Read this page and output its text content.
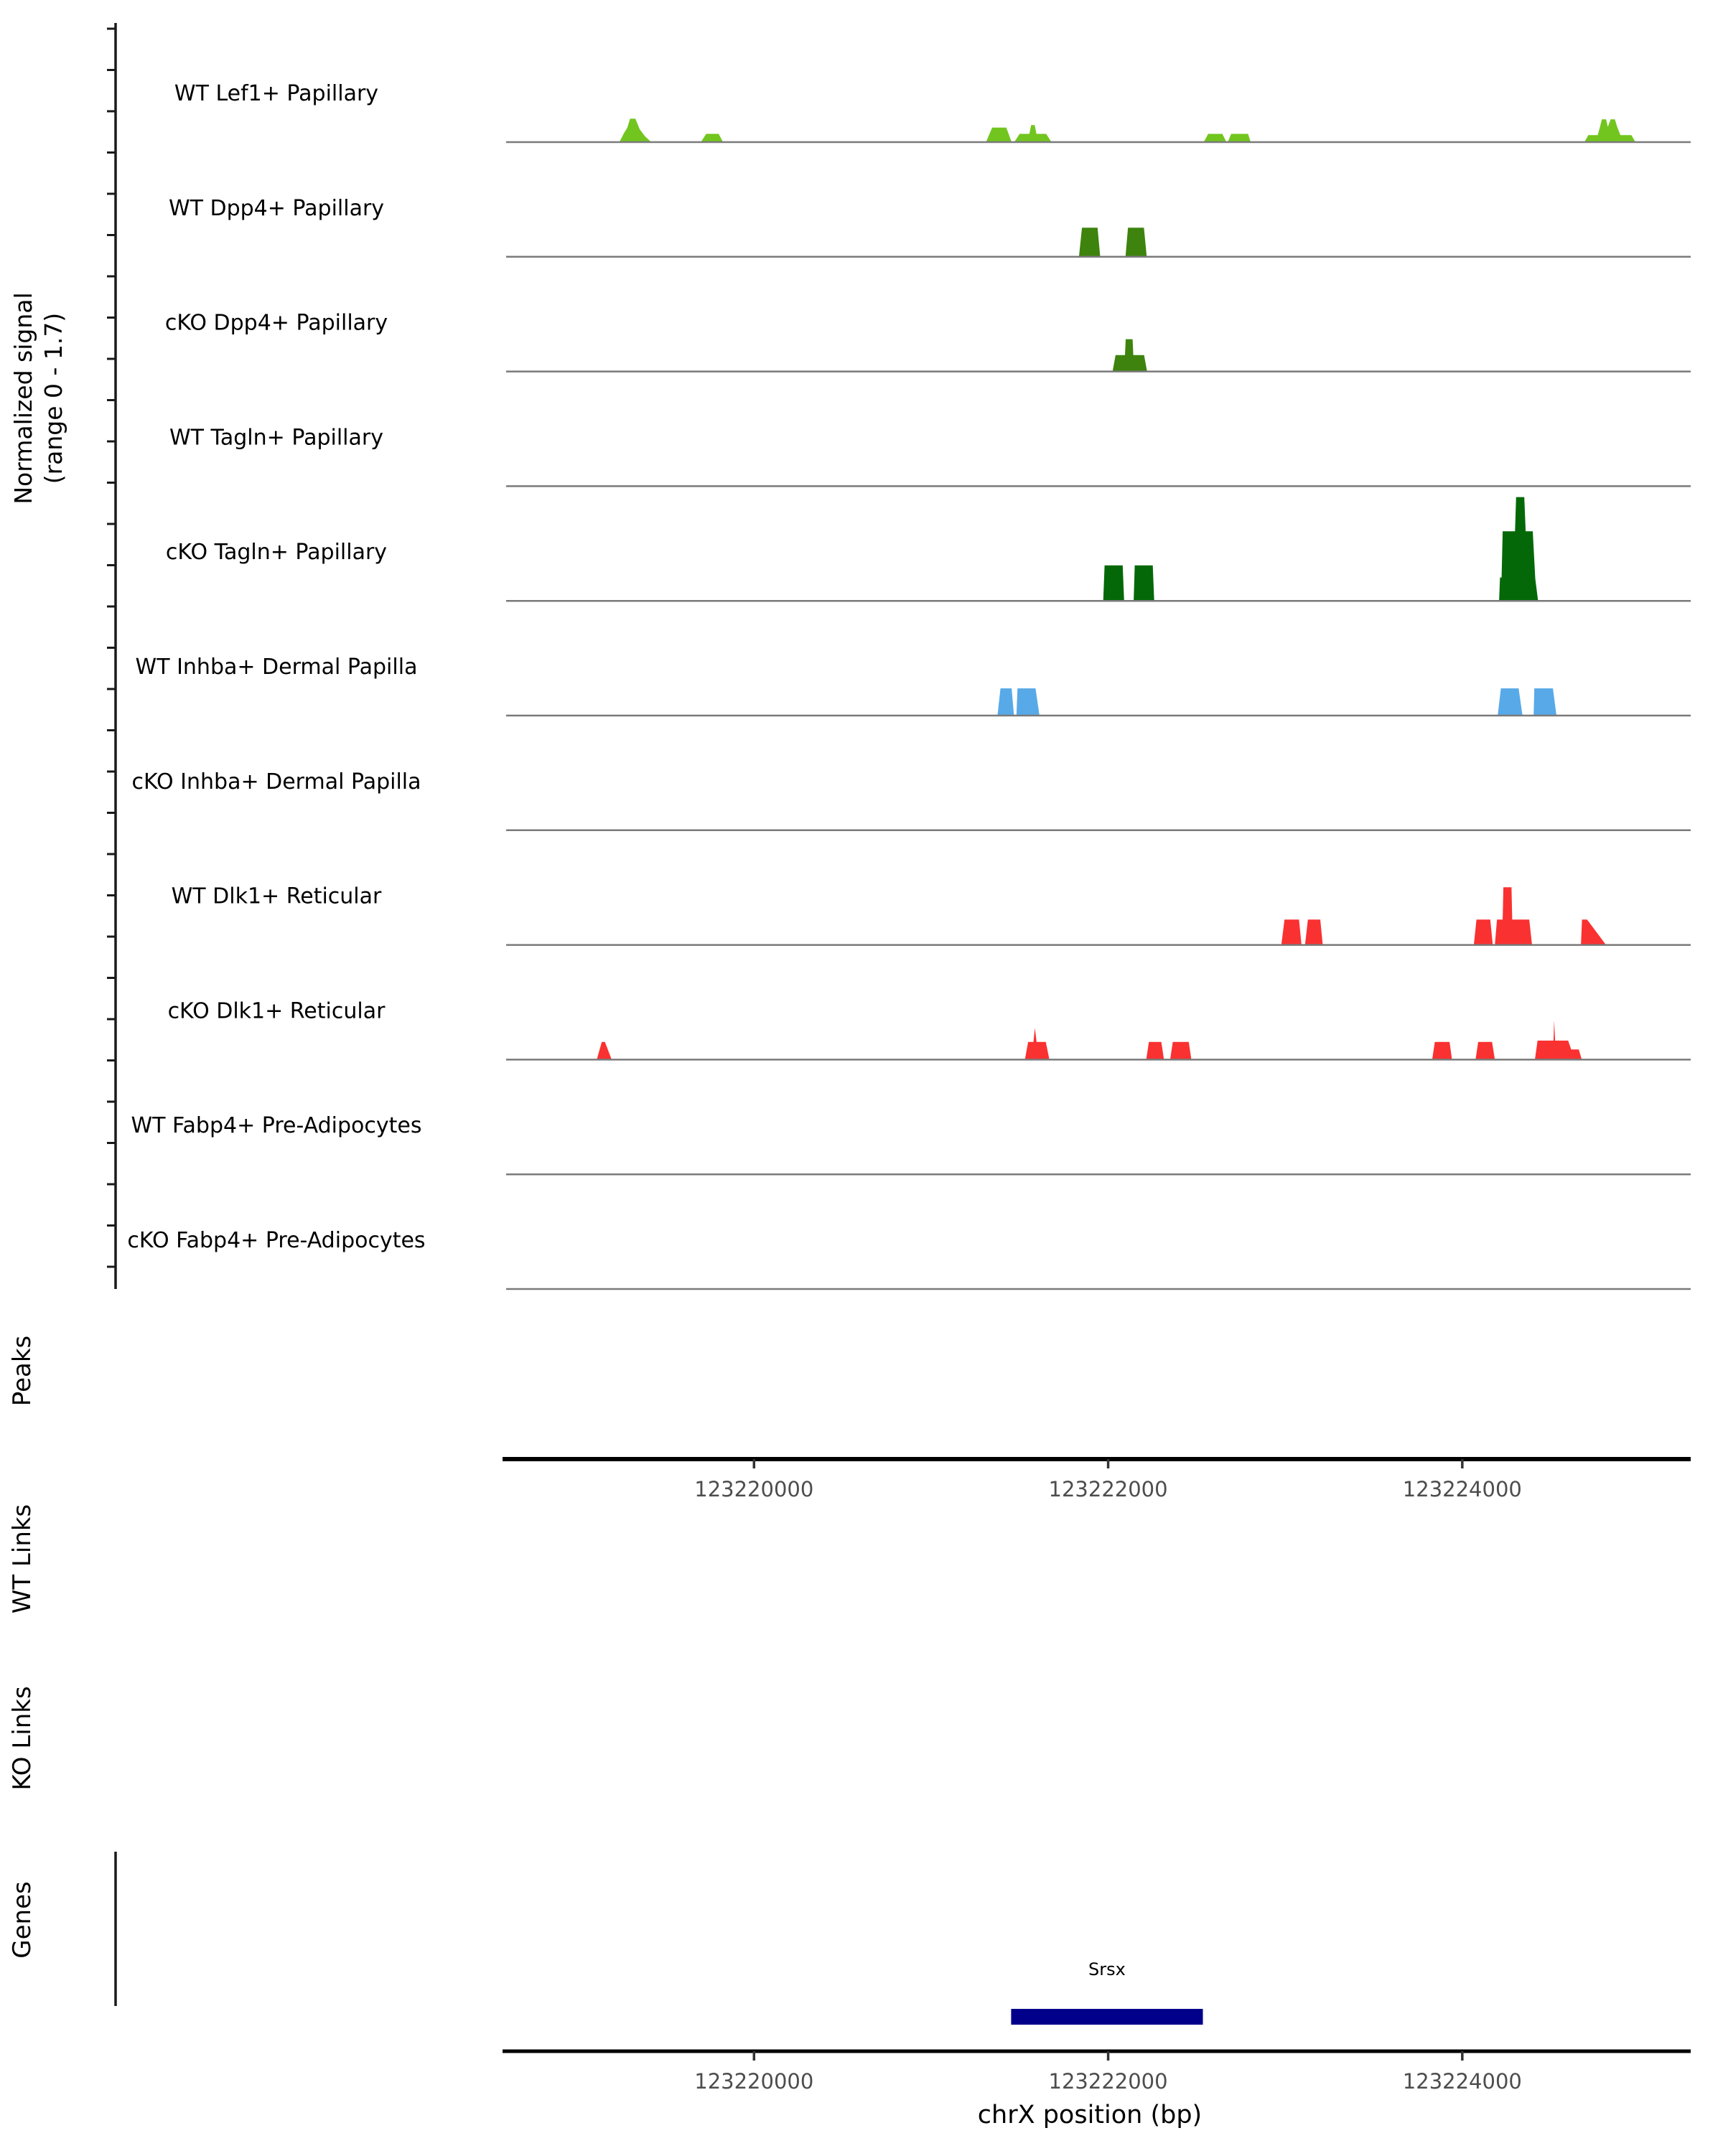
Normalized signal (range 0 - 1.7)
WT Lef1+ Papillary
WT Dpp4+ Papillary
cKO Dpp4+ Papillary
WT Tagln+ Papillary
cKO Tagln+ Papillary
WT Inhba+ Dermal Papilla
cKO Inhba+ Dermal Papilla
WT Dlk1+ Reticular
cKO Dlk1+ Reticular
WT Fabp4+ Pre-Adipocytes
cKO Fabp4+ Pre-Adipocytes
Peaks
WT Links
KO Links
Genes
123220000	123222000	123224000
123220000	123222000	123224000
chrX position (bp)
Srsx
